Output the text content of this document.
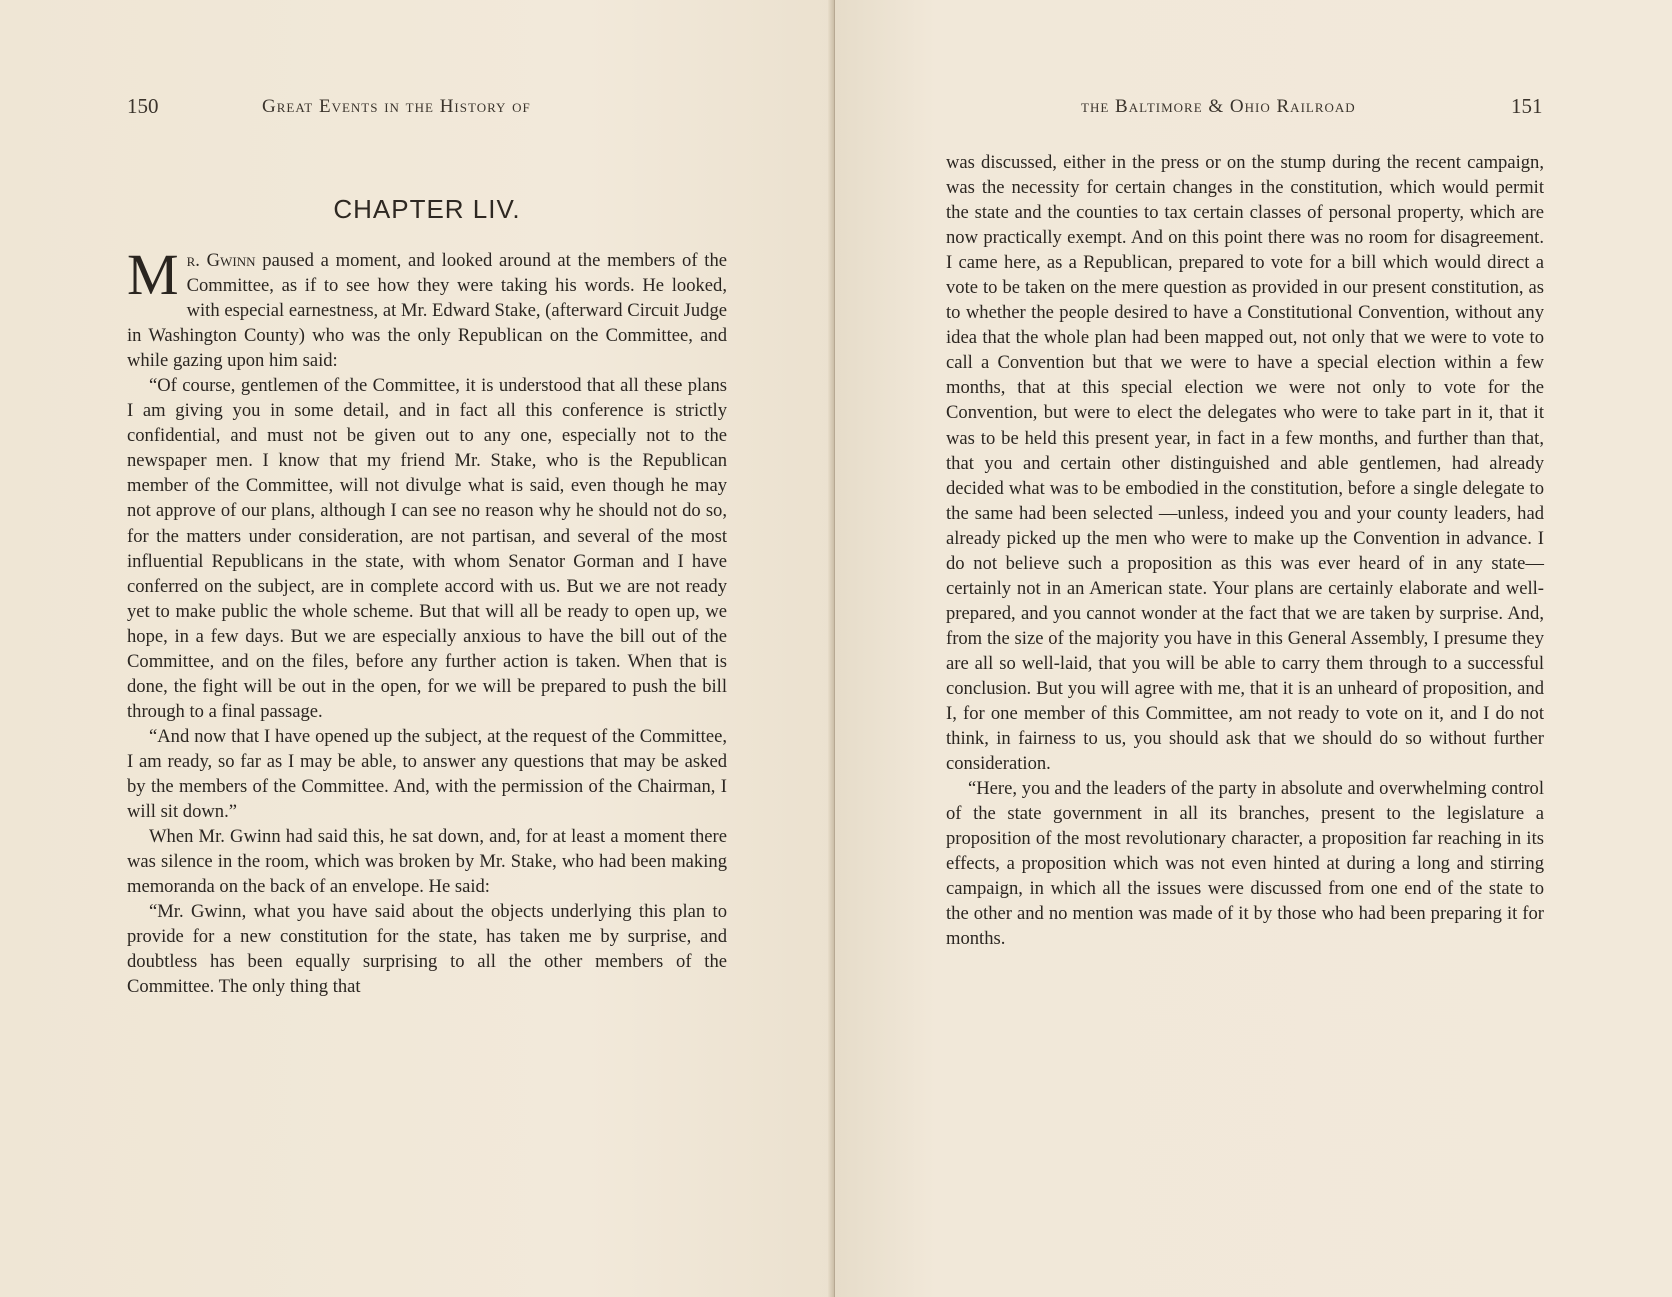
150	Great Events in the History of
CHAPTER LIV.

Mr. Gwinn paused a moment, and looked around at the members of the Committee, as if to see how they were taking his words. He looked, with especial earnestness, at Mr. Edward Stake, (afterward Circuit Judge in Washington County) who was the only Republican on the Committee, and while gazing upon him said:

“Of course, gentlemen of the Committee, it is understood that all these plans I am giving you in some detail, and in fact all this conference is strictly confidential, and must not be given out to any one, especially not to the newspaper men. I know that my friend Mr. Stake, who is the Republican member of the Committee, will not divulge what is said, even though he may not approve of our plans, although I can see no reason why he should not do so, for the matters under consideration, are not partisan, and several of the most influential Republicans in the state, with whom Senator Gorman and I have conferred on the subject, are in complete accord with us. But we are not ready yet to make public the whole scheme. But that will all be ready to open up, we hope, in a few days. But we are especially anxious to have the bill out of the Committee, and on the files, before any further action is taken. When that is done, the fight will be out in the open, for we will be prepared to push the bill through to a final passage.

“And now that I have opened up the subject, at the request of the Committee, I am ready, so far as I may be able, to answer any questions that may be asked by the members of the Committee. And, with the permission of the Chairman, I will sit down.”

When Mr. Gwinn had said this, he sat down, and, for at least a moment there was silence in the room, which was broken by Mr. Stake, who had been making memoranda on the back of an envelope. He said:

“Mr. Gwinn, what you have said about the objects underlying this plan to provide for a new constitution for the state, has taken me by surprise, and doubtless has been equally surprising to all the other members of the Committee. The only thing that

the Baltimore & Ohio Railroad	151

was discussed, either in the press or on the stump during the recent campaign, was the necessity for certain changes in the constitution, which would permit the state and the counties to tax certain classes of personal property, which are now practically exempt. And on this point there was no room for disagreement. I came here, as a Republican, prepared to vote for a bill which would direct a vote to be taken on the mere question as provided in our present constitution, as to whether the people desired to have a Constitutional Convention, without any idea that the whole plan had been mapped out, not only that we were to vote to call a Convention but that we were to have a special election within a few months, that at this special election we were not only to vote for the Convention, but were to elect the delegates who were to take part in it, that it was to be held this present year, in fact in a few months, and further than that, that you and certain other distinguished and able gentlemen, had already decided what was to be embodied in the constitution, before a single delegate to the same had been selected —unless, indeed you and your county leaders, had already picked up the men who were to make up the Convention in advance. I do not believe such a proposition as this was ever heard of in any state—certainly not in an American state. Your plans are certainly elaborate and well-prepared, and you cannot wonder at the fact that we are taken by surprise. And, from the size of the majority you have in this General Assembly, I presume they are all so well-laid, that you will be able to carry them through to a successful conclusion. But you will agree with me, that it is an unheard of proposition, and I, for one member of this Committee, am not ready to vote on it, and I do not think, in fairness to us, you should ask that we should do so without further consideration.

“Here, you and the leaders of the party in absolute and overwhelming control of the state government in all its branches, present to the legislature a proposition of the most revolutionary character, a proposition far reaching in its effects, a proposition which was not even hinted at during a long and stirring campaign, in which all the issues were discussed from one end of the state to the other and no mention was made of it by those who had been preparing it for months.
